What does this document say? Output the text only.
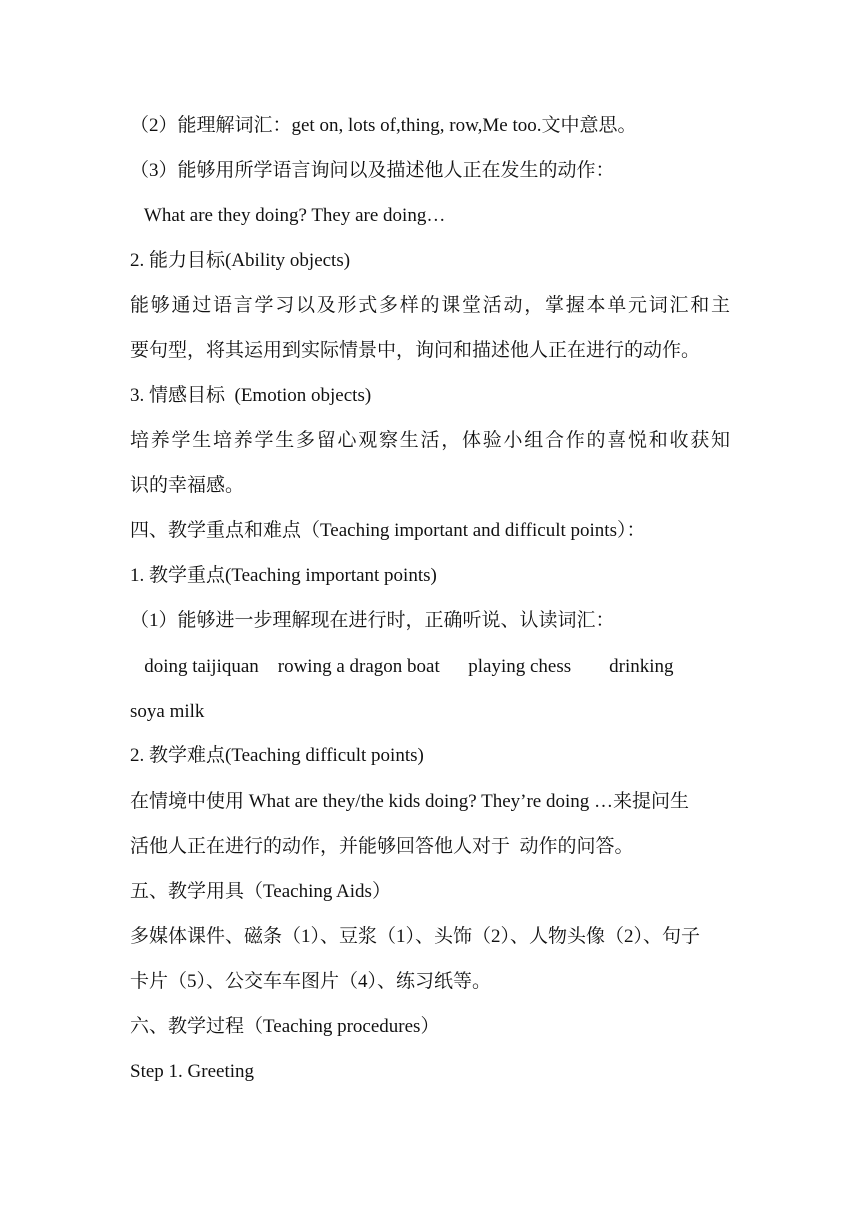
（2）能理解词汇：get on, lots of,thing, row,Me too.文中意思。
（3）能够用所学语言询问以及描述他人正在发生的动作：
What are they doing? They are doing…
2. 能力目标(Ability objects)
能够通过语言学习以及形式多样的课堂活动，掌握本单元词汇和主
要句型，将其运用到实际情景中，询问和描述他人正在进行的动作。
3. 情感目标  (Emotion objects)
培养学生培养学生多留心观察生活，体验小组合作的喜悦和收获知
识的幸福感。
四、教学重点和难点（Teaching important and difficult points）：
1. 教学重点(Teaching important points)
（1）能够进一步理解现在进行时，正确听说、认读词汇：
doing taijiquan    rowing a dragon boat      playing chess        drinking
soya milk
2. 教学难点(Teaching difficult points)
在情境中使用 What are they/the kids doing? They’re doing …来提问生
活他人正在进行的动作，并能够回答他人对于  动作的问答。
五、教学用具（Teaching Aids）
多媒体课件、磁条（1）、豆浆（1）、头饰（2）、人物头像（2）、句子
卡片（5）、公交车车图片（4）、练习纸等。
六、教学过程（Teaching procedures）
Step 1. Greeting
